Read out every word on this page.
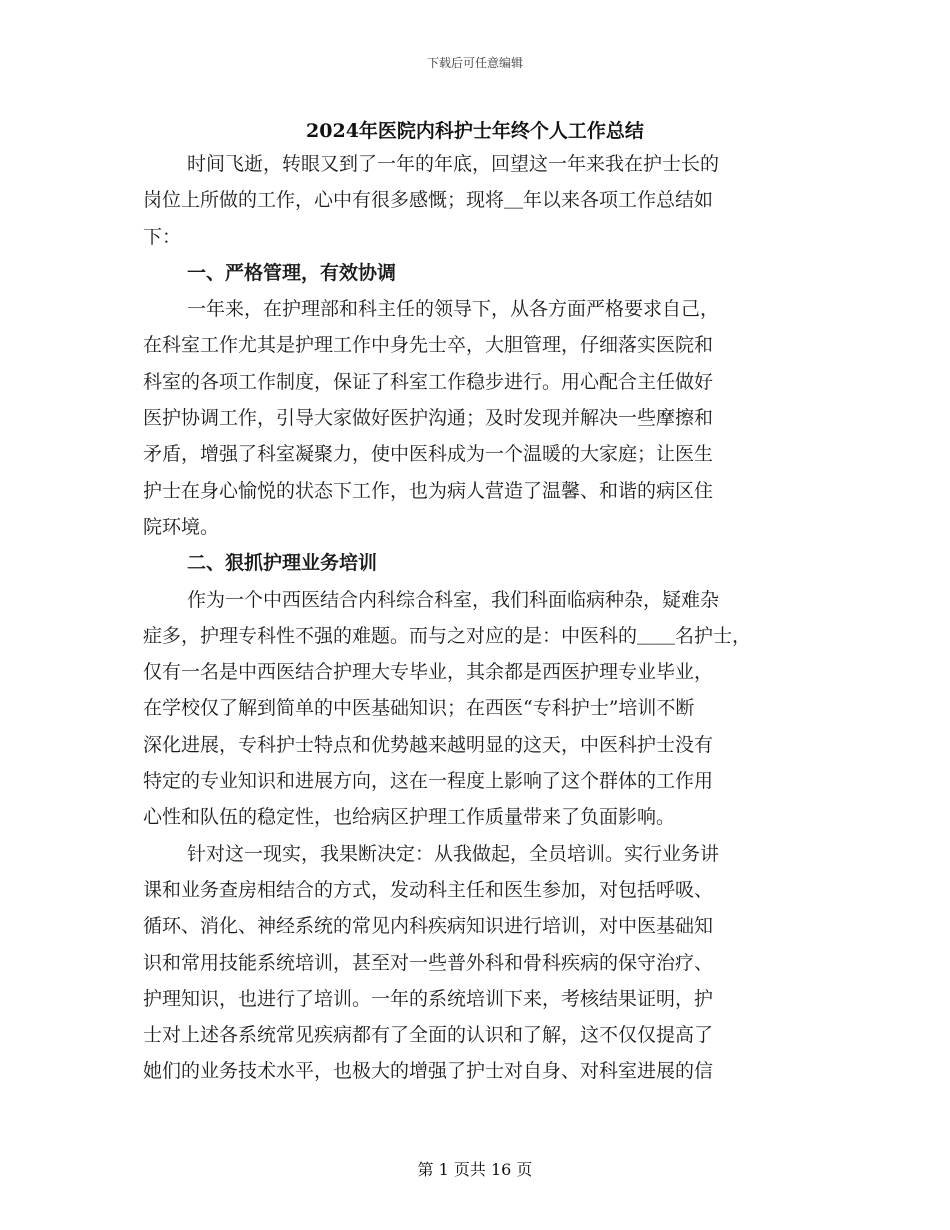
下载后可任意编辑
2024年医院内科护士年终个人工作总结
时间飞逝，转眼又到了一年的年底，回望这一年来我在护士长的
岗位上所做的工作，心中有很多感慨；现将＿年以来各项工作总结如
下：
一、严格管理，有效协调
一年来，在护理部和科主任的领导下，从各方面严格要求自己，
在科室工作尤其是护理工作中身先士卒，大胆管理，仔细落实医院和
科室的各项工作制度，保证了科室工作稳步进行。用心配合主任做好
医护协调工作，引导大家做好医护沟通；及时发现并解决一些摩擦和
矛盾，增强了科室凝聚力，使中医科成为一个温暖的大家庭；让医生
护士在身心愉悦的状态下工作，也为病人营造了温馨、和谐的病区住
院环境。
二、狠抓护理业务培训
作为一个中西医结合内科综合科室，我们科面临病种杂，疑难杂
症多，护理专科性不强的难题。而与之对应的是：中医科的＿＿名护士，
仅有一名是中西医结合护理大专毕业，其余都是西医护理专业毕业，
在学校仅了解到简单的中医基础知识；在西医“专科护士”培训不断
深化进展，专科护士特点和优势越来越明显的这天，中医科护士没有
特定的专业知识和进展方向，这在一程度上影响了这个群体的工作用
心性和队伍的稳定性，也给病区护理工作质量带来了负面影响。
针对这一现实，我果断决定：从我做起，全员培训。实行业务讲
课和业务查房相结合的方式，发动科主任和医生参加，对包括呼吸、
循环、消化、神经系统的常见内科疾病知识进行培训，对中医基础知
识和常用技能系统培训，甚至对一些普外科和骨科疾病的保守治疗、
护理知识，也进行了培训。一年的系统培训下来，考核结果证明，护
士对上述各系统常见疾病都有了全面的认识和了解，这不仅仅提高了
她们的业务技术水平，也极大的增强了护士对自身、对科室进展的信
第 1 页共 16 页
